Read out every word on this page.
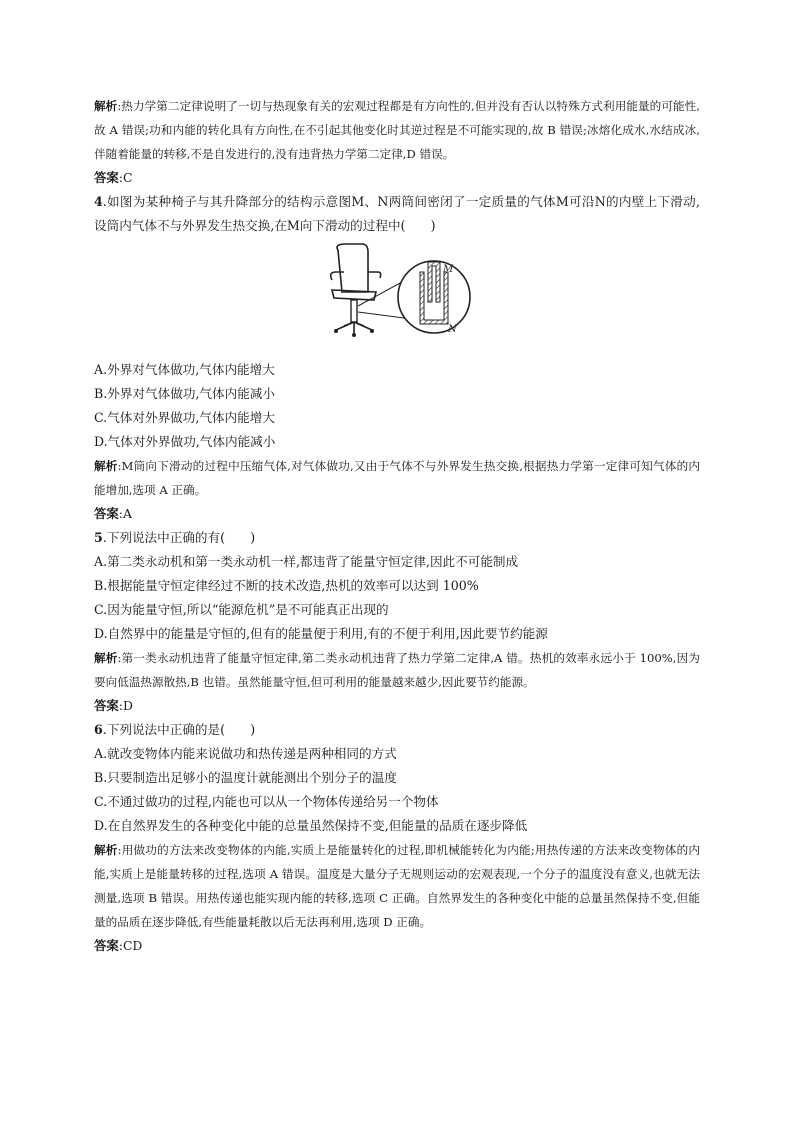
解析:热力学第二定律说明了一切与热现象有关的宏观过程都是有方向性的,但并没有否认以特殊方式利用能量的可能性,故 A 错误;功和内能的转化具有方向性,在不引起其他变化时其逆过程是不可能实现的,故 B 错误;冰熔化成水,水结成冰,伴随着能量的转移,不是自发进行的,没有违背热力学第二定律,D 错误。

答案:C

4.如图为某种椅子与其升降部分的结构示意图M、N两筒间密闭了一定质量的气体M可沿N的内壁上下滑动,设筒内气体不与外界发生热交换,在M向下滑动的过程中(　　)

M
N

A.外界对气体做功,气体内能增大

B.外界对气体做功,气体内能减小

C.气体对外界做功,气体内能增大

D.气体对外界做功,气体内能减小

解析:M筒向下滑动的过程中压缩气体,对气体做功,又由于气体不与外界发生热交换,根据热力学第一定律可知气体的内能增加,选项 A 正确。

答案:A

5.下列说法中正确的有(　　)

A.第二类永动机和第一类永动机一样,都违背了能量守恒定律,因此不可能制成

B.根据能量守恒定律经过不断的技术改造,热机的效率可以达到 100%

C.因为能量守恒,所以“能源危机”是不可能真正出现的

D.自然界中的能量是守恒的,但有的能量便于利用,有的不便于利用,因此要节约能源

解析:第一类永动机违背了能量守恒定律,第二类永动机违背了热力学第二定律,A 错。热机的效率永远小于 100%,因为要向低温热源散热,B 也错。虽然能量守恒,但可利用的能量越来越少,因此要节约能源。

答案:D

6.下列说法中正确的是(　　)

A.就改变物体内能来说做功和热传递是两种相同的方式

B.只要制造出足够小的温度计就能测出个别分子的温度

C.不通过做功的过程,内能也可以从一个物体传递给另一个物体

D.在自然界发生的各种变化中能的总量虽然保持不变,但能量的品质在逐步降低

解析:用做功的方法来改变物体的内能,实质上是能量转化的过程,即机械能转化为内能;用热传递的方法来改变物体的内能,实质上是能量转移的过程,选项 A 错误。温度是大量分子无规则运动的宏观表现,一个分子的温度没有意义,也就无法测量,选项 B 错误。用热传递也能实现内能的转移,选项 C 正确。自然界发生的各种变化中能的总量虽然保持不变,但能量的品质在逐步降低,有些能量耗散以后无法再利用,选项 D 正确。

答案:CD
